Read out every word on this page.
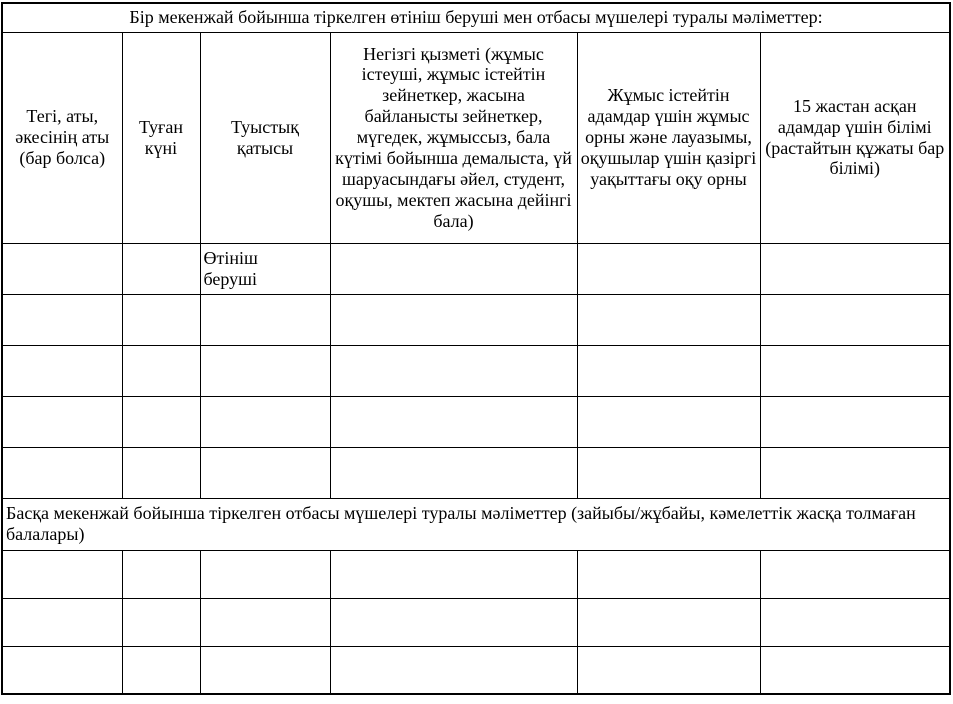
Бір мекенжай бойынша тіркелген өтініш беруші мен отбасы мүшелері туралы мәліметтер:					
Тегі, аты, әкесінің аты (бар болса)	Туған күні	Туыстық қатысы	Негізгі қызметі (жұмыс істеуші, жұмыс істейтін зейнеткер, жасына байланысты зейнеткер, мүгедек, жұмыссыз, бала күтімі бойынша демалыста, үй шаруасындағы әйел, студент, оқушы, мектеп жасына дейінгі бала)	Жұмыс істейтін адамдар үшін жұмыс орны және лауазымы, оқушылар үшін қазіргі уақыттағы оқу орны	15 жастан асқан адамдар үшін білімі (растайтын құжаты бар білімі)
		Өтініш беруші			

Басқа мекенжай бойынша тіркелген отбасы мүшелері туралы мәліметтер (зайыбы/жұбайы, кәмелеттік жасқа толмаған балалары)					
